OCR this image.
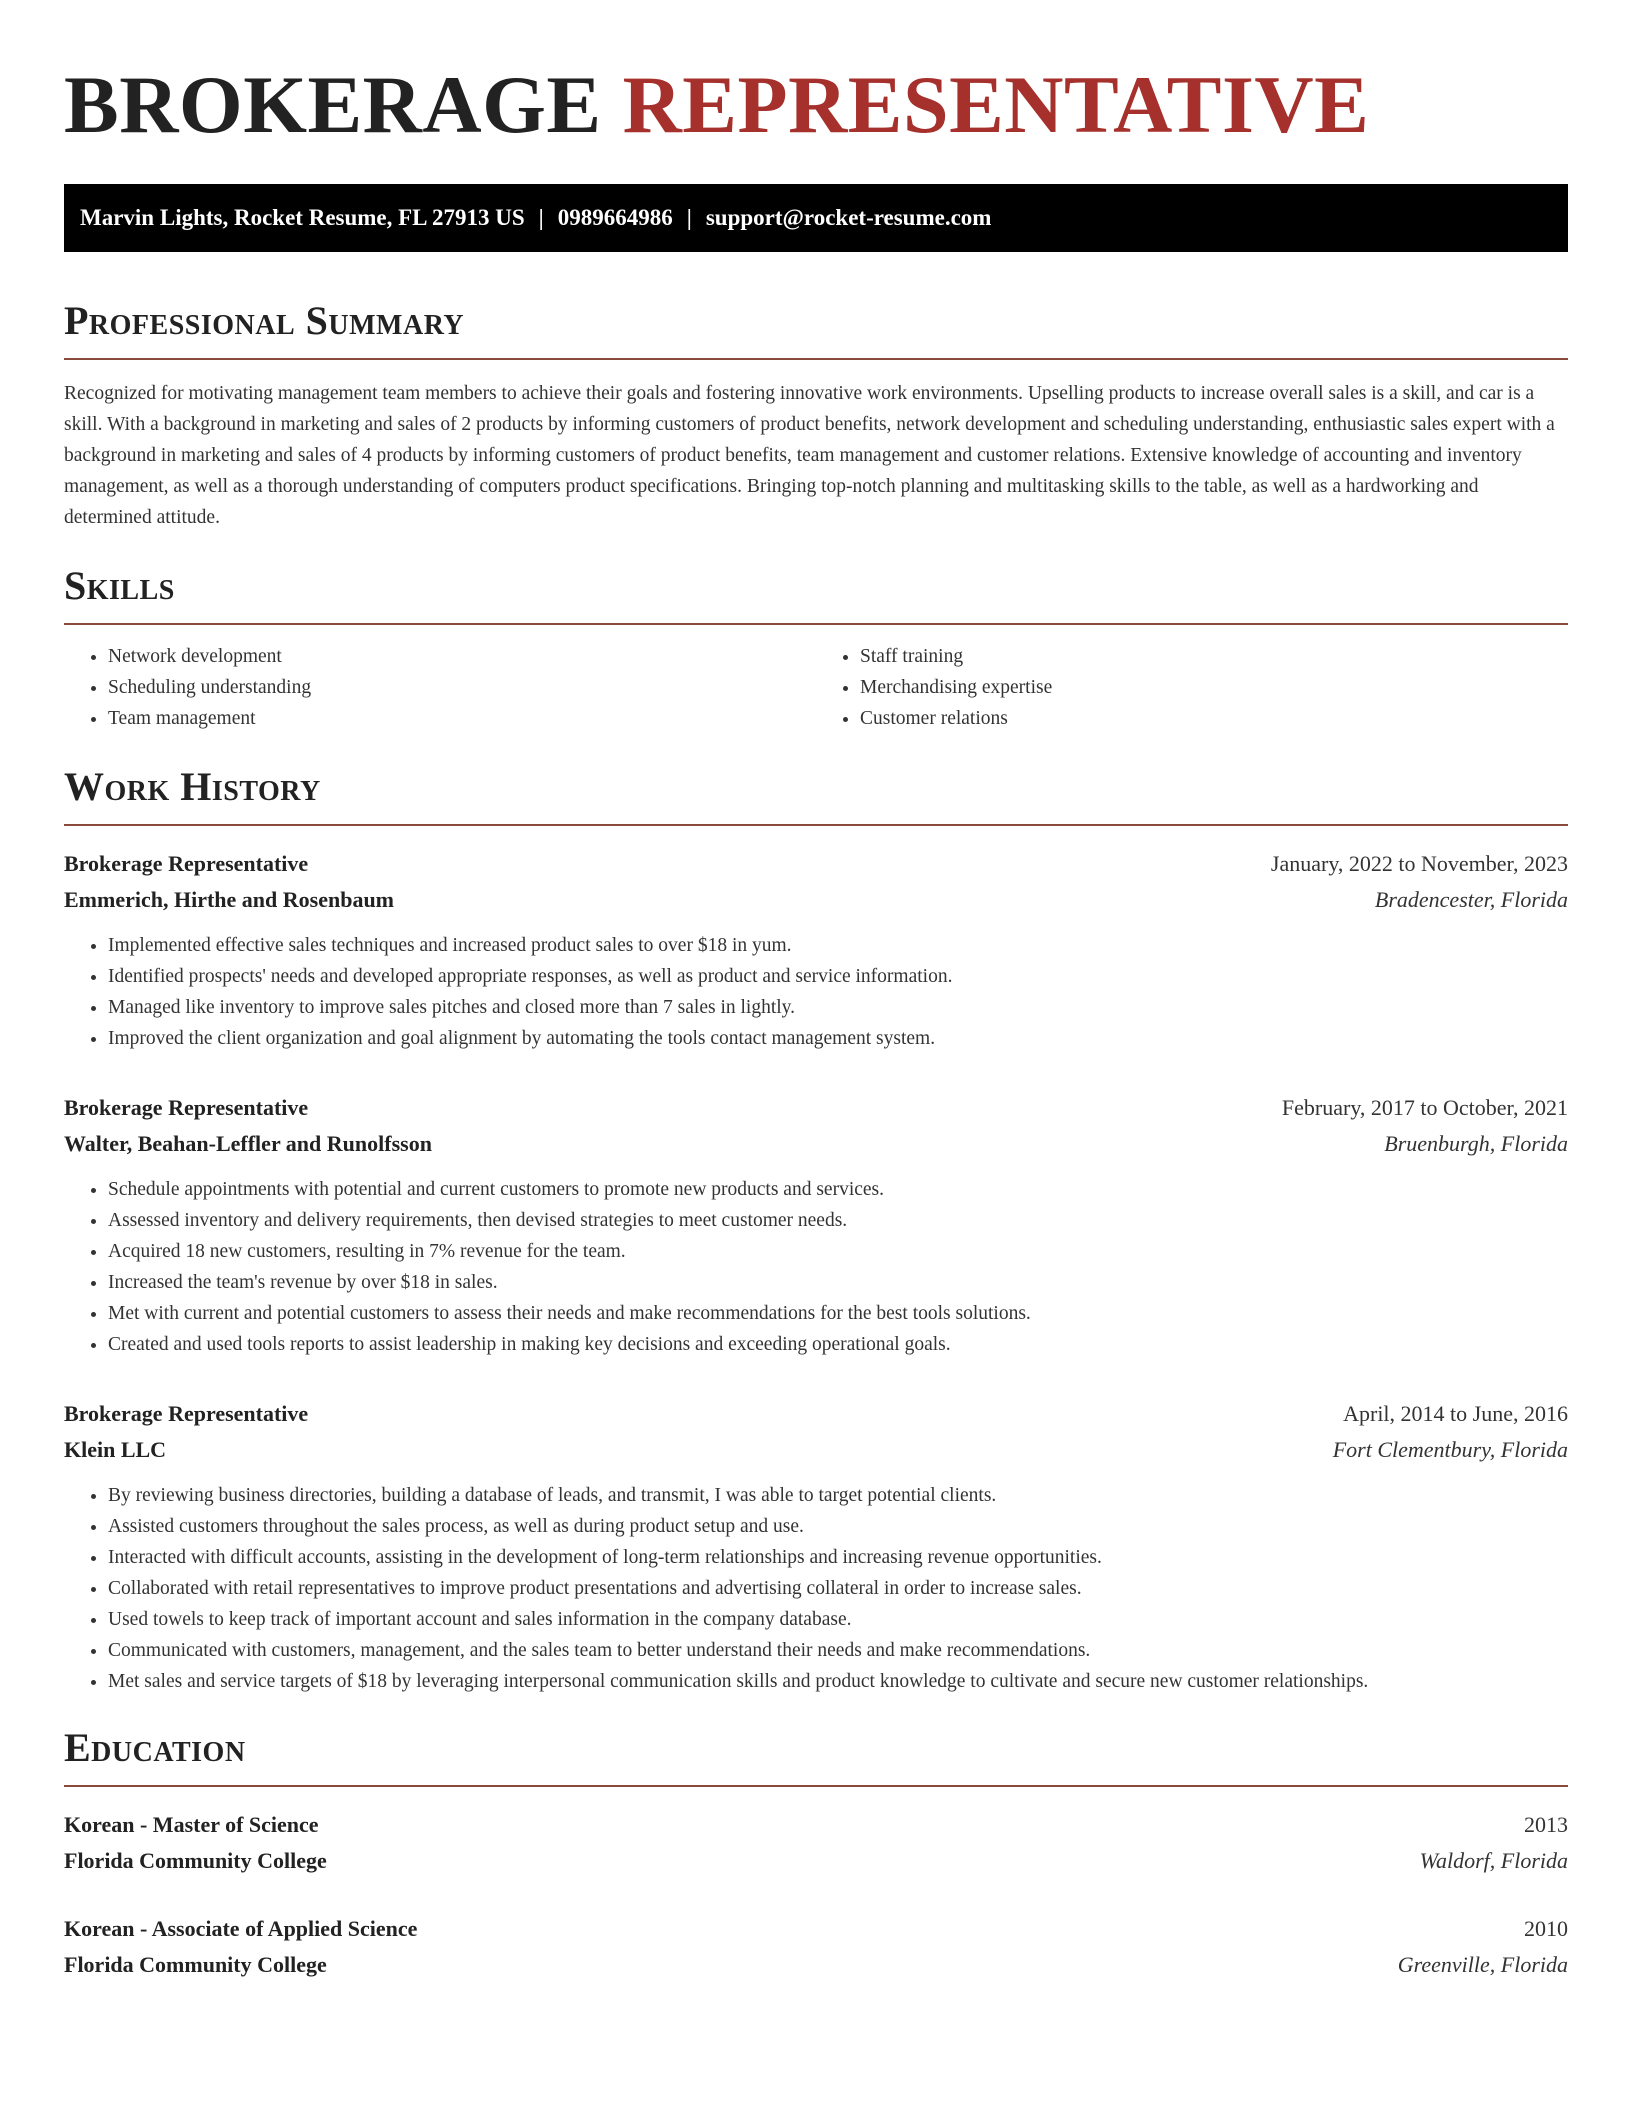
BROKERAGE REPRESENTATIVE
Marvin Lights, Rocket Resume, FL 27913 US | 0989664986 | support@rocket-resume.com
Professional Summary

Recognized for motivating management team members to achieve their goals and fostering innovative work environments. Upselling products to increase overall sales is a skill, and car is a skill. With a background in marketing and sales of 2 products by informing customers of product benefits, network development and scheduling understanding, enthusiastic sales expert with a background in marketing and sales of 4 products by informing customers of product benefits, team management and customer relations. Extensive knowledge of accounting and inventory management, as well as a thorough understanding of computers product specifications. Bringing top-notch planning and multitasking skills to the table, as well as a hardworking and determined attitude.

Skills
• Network development
• Scheduling understanding
• Team management
• Staff training
• Merchandising expertise
• Customer relations
Work History
Brokerage Representative	January, 2022 to November, 2023
Emmerich, Hirthe and Rosenbaum	Bradencester, Florida
• Implemented effective sales techniques and increased product sales to over $18 in yum.
• Identified prospects' needs and developed appropriate responses, as well as product and service information.
• Managed like inventory to improve sales pitches and closed more than 7 sales in lightly.
• Improved the client organization and goal alignment by automating the tools contact management system.
Brokerage Representative	February, 2017 to October, 2021
Walter, Beahan-Leffler and Runolfsson	Bruenburgh, Florida
• Schedule appointments with potential and current customers to promote new products and services.
• Assessed inventory and delivery requirements, then devised strategies to meet customer needs.
• Acquired 18 new customers, resulting in 7% revenue for the team.
• Increased the team's revenue by over $18 in sales.
• Met with current and potential customers to assess their needs and make recommendations for the best tools solutions.
• Created and used tools reports to assist leadership in making key decisions and exceeding operational goals.
Brokerage Representative	April, 2014 to June, 2016
Klein LLC	Fort Clementbury, Florida
• By reviewing business directories, building a database of leads, and transmit, I was able to target potential clients.
• Assisted customers throughout the sales process, as well as during product setup and use.
• Interacted with difficult accounts, assisting in the development of long-term relationships and increasing revenue opportunities.
• Collaborated with retail representatives to improve product presentations and advertising collateral in order to increase sales.
• Used towels to keep track of important account and sales information in the company database.
• Communicated with customers, management, and the sales team to better understand their needs and make recommendations.
• Met sales and service targets of $18 by leveraging interpersonal communication skills and product knowledge to cultivate and secure new customer relationships.
Education
Korean - Master of Science	2013
Florida Community College	Waldorf, Florida
Korean - Associate of Applied Science	2010
Florida Community College	Greenville, Florida
